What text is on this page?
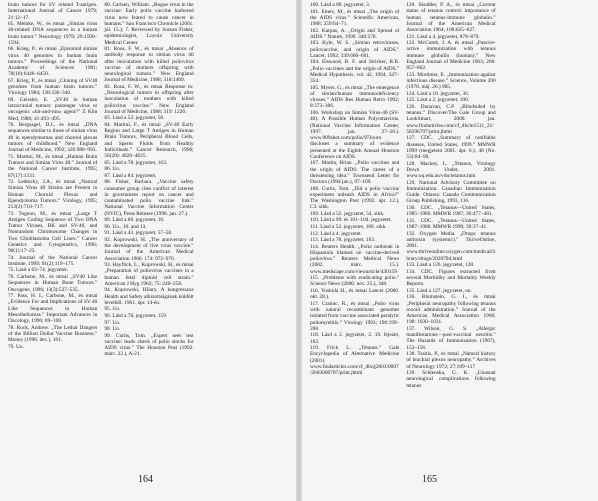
brain tumors for SV related T-antigen. International Journal of Cancer 1979; 21:12–17.

65. Meinke, W., és mtsai „Simian virus 40-related DNA sequences in a human brain tumor.” Neurology 1979; 29:1590–1594.

66. Krieg, P., és mtsai „Episomal simian virus 40 genomes in human brain tumors.” Proceedings of the National Academy of Sciences 1981; 78(10):6446–6450.

67. Krieg, P., és mtsai „Cloning of SV40 genomes from human brain tumors.” Virology 1984; 138:336–340.

69. Geissler, E. „SV40 in human intracranial tumors: passenger virus or oncogenic »hit-and-run« agent?” Z Klin Med, 1986; 41:493–495.

70. Bergsagel, D.J., és mtsai „DNA sequences similar to those of simian virus 40 in ependymomas and choroid plexus tumors of childhood.” New England Journal of Medicine, 1992; 326:988–993.

71. Martini, M., és mtsai „Human Brain Tumors and Simian Virus 40.” Journal of the National Cancer Institute, 1995; 87(17):1331.

72. Lednicky, J.A., és mtsai „Natural Simian Virus 40 Strains are Present in Human Choroid Plexus and Ependymoma Tumors.” Virology, 1995; 212(2):710–717.

73. Tognon, M., és mtsai „Large T Antigen Coding Sequence of Two DNA Tumor Viruses, BK and SV-40, and Nonrandom Chromosome Changes in Two Glioblastoma Cell Lines.” Cancer Genetics and Cytogenetics, 1996; 90(1):17–23.

74. Journal of the National Cancer Institute, 1999; 91(2):119–175.

75. Lásd a 63–74. jegyzetet.

76. Carbone, M., és mtsai „SV40 Like Sequences in Human Bone Tumors.” Oncogene, 1996; 13(3):527–535.

77. Pass, H. I., Carbone, M., és mtsai „Evidence For and Implications of SV-40 Like Sequences in Human Mesotheliomas.” Important Advances in Oncology, 1996; 89–108.

78. Rock, Andrew. „The Lethal Dangers of the Billion Dollar Vaccine Business.” Money (1996. dec.), 161.

79. Uo.

80. Carlsen, William. „Rogue virus in the vaccine: Early polio vaccine harbored virus now feared to cause cancer in humans.” San Francisco Chronicle (2001. júl. 15.); 7. Reviewed by Sussan Fisher, epidemiologist, Loyola University Medical Center.

81. Rosa, F. W., és mtsai „Absence of antibody response to simian virus 40 after inoculation with killed poliovirus vaccine of mothers offspring with neurological tumors.” New England Journal of Medicine, 1988; 318:1469.

82. Rosa, F. W., és mtsai Response to: „Neurological tumors in offspring after inoculation of mothers with killed poliovirus vaccine.” New England Journal of Medicine, 1988; 319: 1226.

83. Lásd a 52. jegyzetet, 58.

84. Martini, F., és mtsai „SV-40 Early Region and Large T Antigen in Human Brain Tumors, Peripheral Blood Cells, and Sperm Fluids from Healthy Individuals.” Cancer Research, 1996; 56(20): 4820–4825.

85. Lásd a 78. jegyzetet, 163.

86. Uo.

87. Lásd a 84. jegyzetet.

88. Fisher, Barbara. „Vaccine safety consumer group cites conflict of interest in government report on cancer and contaminated polio vaccine link.” National Vaccine Information Center (NVIC), Press Release (1998. jan. 27.).

89. Lásd a 80. jegyzetet, 10.

90. Uo., 10. and 13.

91. Lásd a 43. jegyzetet, 57–58.

92. Koprowski, H. „The anniversary of the development of live virus vaccine.” Journal of the American Medical Association 1960. 174: 972–976.

93. Hayflick, L., Koprowski, H., és mtsai „Preparation of poliovirus vaccines in a human fetal diploid cell strain.” American J Hyg 1962; 75: 240–258.

94. Koprowski, Hilary. A kongresszus Health and Safety albizottságának küldött levelből. 1961. ápr. 14-én.

95. Uo.

96. Lásd a 78. jegyzetet, 159.

97. Uo.

98. Uo.

99. Curtis, Tom. „Expert sees test vaccine: leads check of polio stocks for AIDS virus.” The Houston Post (1992. márc. 22.), A-21.

164

100. Lásd a 80. jegyzetet, 3.

101. Emex, M., és mtsai „The origin of the AIDS virus.” Scientific American, 1988; 259:64–71.

102. Karpas, A. „Origin and Spread of AIDS.” Nature, 1990. 348:578.

103. Kyle, W. S. „Simian retroviruses, poliovaccine, and origin of AIDS.” Lancet, 1992; 339:600–601.

104. Elswood, B. F. and Stricker, R.B. „Polio vaccines and the origin of AIDS.” Medical Hypothesis, vol. 42, 1994, 347–354.

105. Myers, G., és mtsai „The emergence of simian/human immunodeficiency viruses.” AIDS Res Human Retro 1992; 8:373–386.

106. Workshop on Simian Virus-40 (SV-40): A Possible Human Polyomavirus. (National Vaccine Information Center, 1997. jan. 27–28.). www.909shot.com/polio/97Journ discloses a summary of evidence presented at the Eighth Annual Houston Conference on AIDS.

107. Martin, Brian. „Polio vaccines and the origin of AIDS: The career of a threatening idea.” Townsend Letter for Doctors (1994 jan.), 97–100.

108. Curtis, Tom. „Did a polio vaccine experiment unleash AIDS in Africa?” The Washington Post (1992. ápr. 12.), C3. sikk.

109. Lásd a 52. jegyzetet, 54. sikk.

110. Lásd a 99. és 101–104. jegyzetet.

111. Lásd a 52. jegyzetet, 106. sikk.

112. Lásd a 4. jegyzetet.

113. Lásd a 78. jegyzetet, 163.

114. Reuters Health. „Polio outbreak in Hispaniola blamed on vaccine-derived poliovirus.” Reuters Medical News (2002. márc. 15.). www.medscape.com/viewarticle/430159

115. „Problems with eradicating polio.” Science News (2000. nov. 25.), 348.

116. Yoshida H., és mtsai Lancet (2000. okt. 28.).

117. Crainic, R., és mtsai „Polio virus with natural recombinant genomes isolated from vaccine associated paralytic poliomyelitis.” Virology 1993; 196:199–208.

118. Lásd a 2. jegyzetet, 2. 19. fejezet, 182.

119. Frick L. „Tetanus.” Gale Encyclopedia of Alternative Medicine (2001). www.findarticles.com/cf_dls/g2603/0007/2603000707/print.jhtml

120. Skudder, P. A., és mtsai „Current status of tetanus control: importance of human tetanus-immune globulin.” Journal of the American Medical Association 1964; 188:625–627.

121. Lásd a 4. jegyzetet, 878–879.

122. McComb, J. A. és mtsai „Passive-active immunization with tetanus immune globulin (human).” New England Journal of Medicine 1963; 268: 857–862.

123. Mortimer, E. „Immunization against infectious disease.” Science, Volume 200 (1978. máj. 26.) 905.

124. Lásd a 10. jegyzetet, 36.

125. Lásd a 2. jegyzetet, 100.

126. Dunavan, C.P. „Blindsided by tetanus.” Discover/The Gale Group and LookSmart, 2000. jan. www.findarticles.com/cf_dls/m1511_21/58396797/print.jhtml

127. CDC. „Summary of notifiable diseases, United States, 1999.” MMWR 1999 (megjelent 2001. ápr. 6.); 48 (No. 53):84–90.

128. Mackey, L. „Tetanus, Virology Down Under, 2001. www.uq.edu.au/vdu/tetanus.htm

129. National Advisory Committee on Immunization. Canadian Immunization Guide. Ottawa: Canada Communication Group Publishing, 1993, 116.

130. CDC. „Tetanus—United States, 1985–1986. MMWR 1987; 36:477–481.

131. CDC. „Tetanus—United States, 1987–1988. MMWR 1990; 39:37–41.

132. Oxygen Media. „Drugs: tetanus antitoxin (systemic).” ThriveOnline, 2001. www.thriveonline.oxygen.com/medical/library/drugs/203079d.html

133. Lásd a 126. jegyzetet, 128.

134. CDC. Figures extracted from several Morbidity and Mortality Weekly Reports.

135. Lásd a 127. jegyzetet, uo.

136. Blumstein, G. I., és mtsai „Peripheral neuropathy following tetanus toxoid administration.” Journal of the American Medical Association 1966; 198: 1030–1031.

137. Wilson, G. S. „Allergic manifestations—post-vaccinal neuritis.” The Hazards of Immunization (1967), 153–156.

138. Tsaitis, P., és mtsai „Natural history of brachial plexus neuropathy.” Archives of Neurology 1972; 27:109–117

139. Schlenska, G. K. „Unusual neurological complications following tetanus

165
